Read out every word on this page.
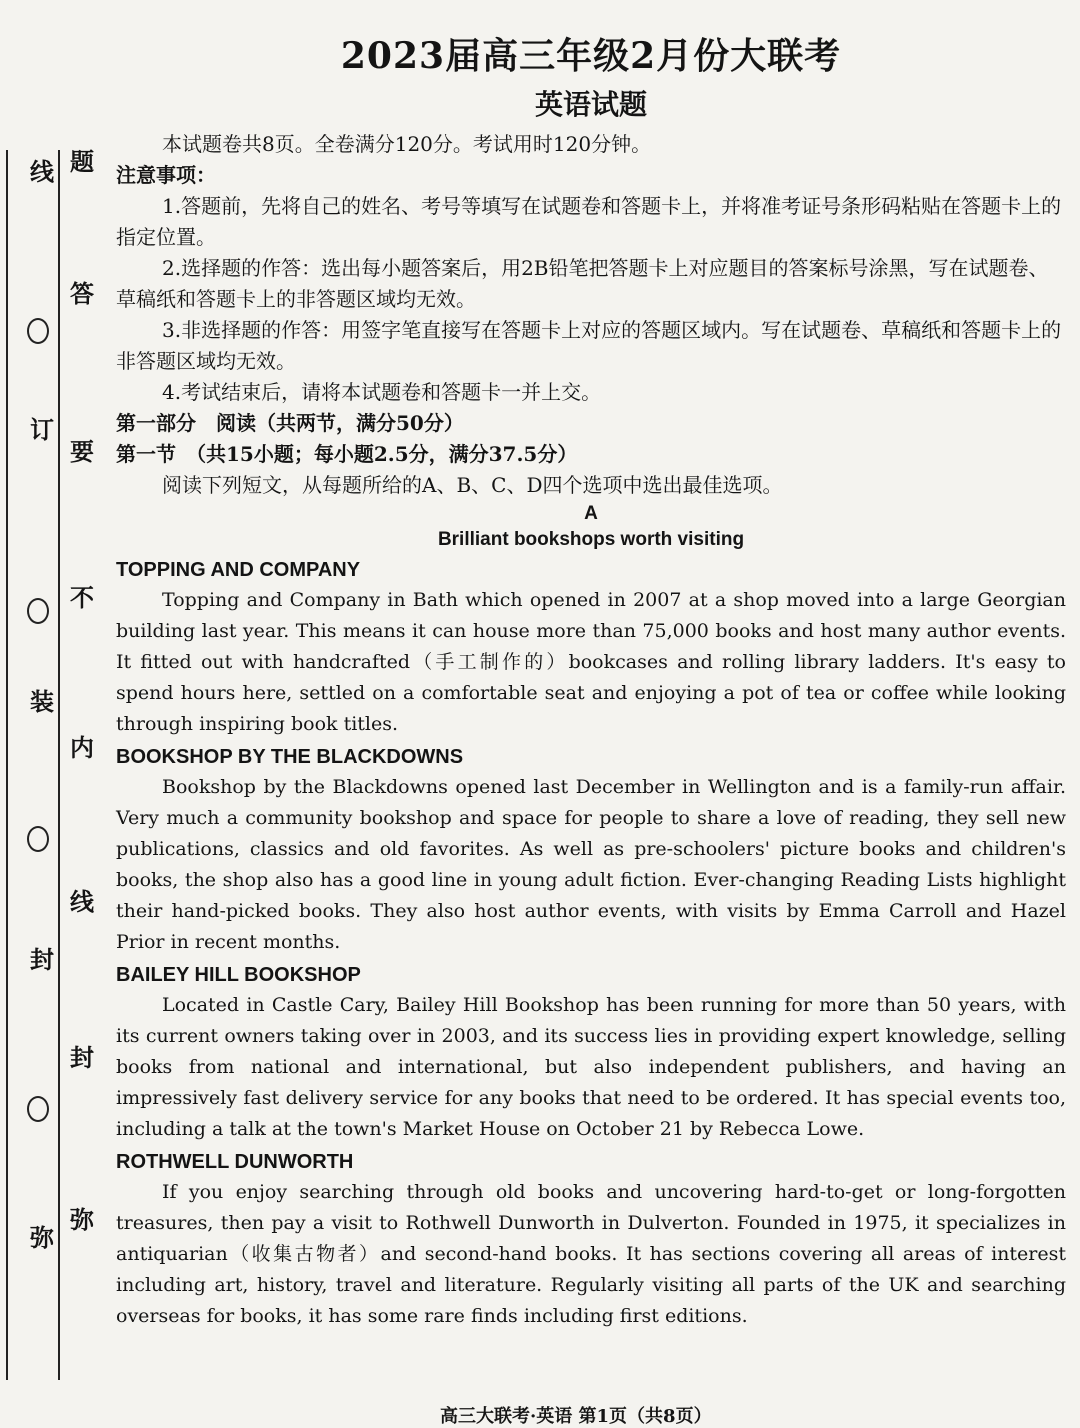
线
订
装
封
弥
题
答
要
不
内
线
封
弥
2023届高三年级2月份大联考
英语试题

本试题卷共8页。全卷满分120分。考试用时120分钟。

注意事项：

1.答题前，先将自己的姓名、考号等填写在试题卷和答题卡上，并将准考证号条形码粘贴在答题卡上的指定位置。

2.选择题的作答：选出每小题答案后，用2B铅笔把答题卡上对应题目的答案标号涂黑，写在试题卷、草稿纸和答题卡上的非答题区域均无效。

3.非选择题的作答：用签字笔直接写在答题卡上对应的答题区域内。写在试题卷、草稿纸和答题卡上的非答题区域均无效。

4.考试结束后，请将本试题卷和答题卡一并上交。

第一部分　阅读（共两节，满分50分）

第一节　（共15小题；每小题2.5分，满分37.5分）

阅读下列短文，从每题所给的A、B、C、D四个选项中选出最佳选项。

A

Brilliant bookshops worth visiting

TOPPING AND COMPANY

Topping and Company in Bath which opened in 2007 at a shop moved into a large Georgian building last year. This means it can house more than 75,000 books and host many author events. It fitted out with handcrafted（手工制作的）bookcases and rolling library ladders. It's easy to spend hours here, settled on a comfortable seat and enjoying a pot of tea or coffee while looking through inspiring book titles.

BOOKSHOP BY THE BLACKDOWNS

Bookshop by the Blackdowns opened last December in Wellington and is a family-run affair. Very much a community bookshop and space for people to share a love of reading, they sell new publications, classics and old favorites. As well as pre-schoolers' picture books and children's books, the shop also has a good line in young adult fiction. Ever-changing Reading Lists highlight their hand-picked books. They also host author events, with visits by Emma Carroll and Hazel Prior in recent months.

BAILEY HILL BOOKSHOP

Located in Castle Cary, Bailey Hill Bookshop has been running for more than 50 years, with its current owners taking over in 2003, and its success lies in providing expert knowledge, selling books from national and international, but also independent publishers, and having an impressively fast delivery service for any books that need to be ordered. It has special events too, including a talk at the town's Market House on October 21 by Rebecca Lowe.

ROTHWELL DUNWORTH

If you enjoy searching through old books and uncovering hard-to-get or long-forgotten treasures, then pay a visit to Rothwell Dunworth in Dulverton. Founded in 1975, it specializes in antiquarian（收集古物者）and second-hand books. It has sections covering all areas of interest including art, history, travel and literature. Regularly visiting all parts of the UK and searching overseas for books, it has some rare finds including first editions.

高三大联考·英语 第1页（共8页）
